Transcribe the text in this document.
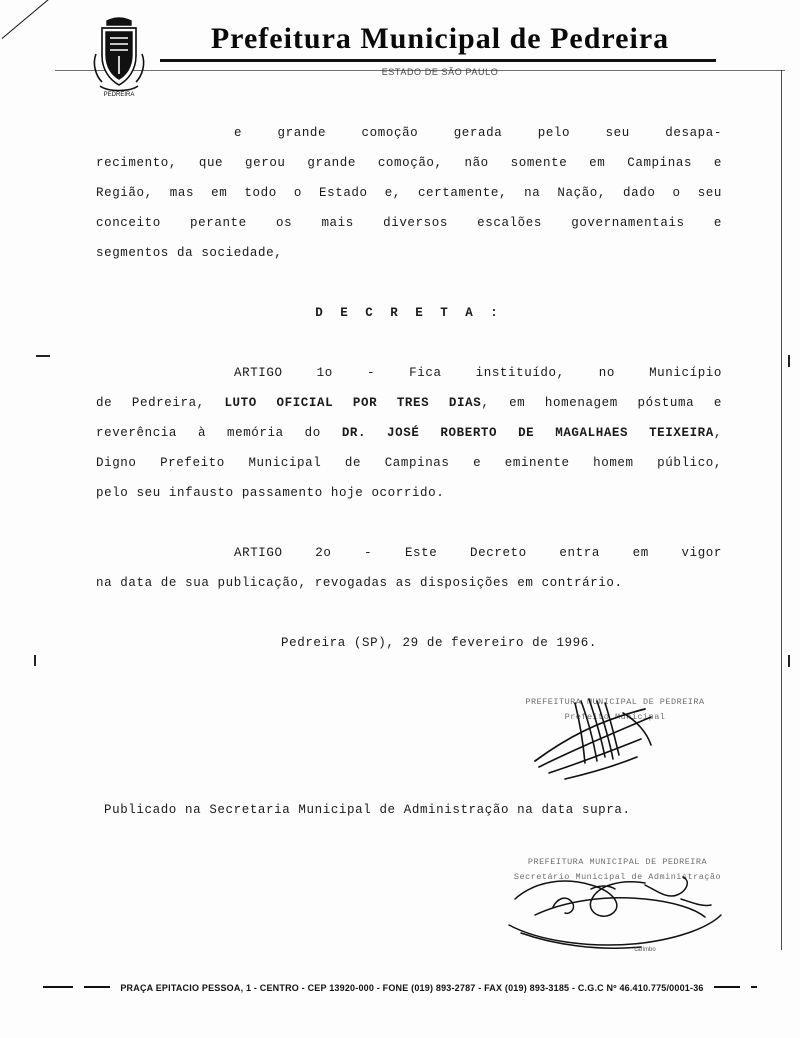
PEDREIRA
Prefeitura Municipal de Pedreira
ESTADO DE SÃO PAULO
e grande comoção gerada pelo seu desapa-
recimento, que gerou grande comoção, não somente em Campinas e
Região, mas em todo o Estado e, certamente, na Nação, dado o seu
conceito perante os mais diversos escalões governamentais e
segmentos da sociedade,
D E C R E T A :
ARTIGO 1o - Fica instituído, no Município
de Pedreira, LUTO OFICIAL POR TRES DIAS, em homenagem póstuma e
reverência à memória do DR. JOSÉ ROBERTO DE MAGALHAES TEIXEIRA,
Digno Prefeito Municipal de Campinas e eminente homem público,
pelo seu infausto passamento hoje ocorrido.
ARTIGO 2o - Este Decreto entra em vigor
na data de sua publicação, revogadas as disposições em contrário.
Pedreira (SP), 29 de fevereiro de 1996.
PREFEITURA MUNICIPAL DE PEDREIRA
Prefeito Municipal
Publicado na Secretaria Municipal de Administração na data supra.
PREFEITURA MUNICIPAL DE PEDREIRA
Secretário Municipal de Administração
carimbo
PRAÇA EPITACIO PESSOA, 1 - CENTRO - CEP 13920-000 - FONE (019) 893-2787 - FAX (019) 893-3185 - C.G.C Nº 46.410.775/0001-36
